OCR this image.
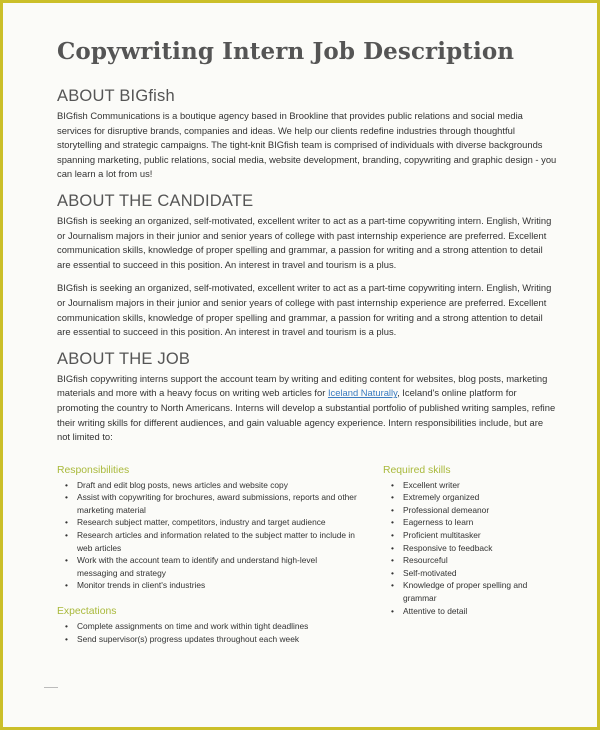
Copywriting Intern Job Description
ABOUT BIGfish

BIGfish Communications is a boutique agency based in Brookline that provides public relations and social media services for disruptive brands, companies and ideas. We help our clients redefine industries through thoughtful storytelling and strategic campaigns. The tight-knit BIGfish team is comprised of individuals with diverse backgrounds spanning marketing, public relations, social media, website development, branding, copywriting and graphic design - you can learn a lot from us!

ABOUT THE CANDIDATE

BIGfish is seeking an organized, self-motivated, excellent writer to act as a part-time copywriting intern. English, Writing or Journalism majors in their junior and senior years of college with past internship experience are preferred. Excellent communication skills, knowledge of proper spelling and grammar, a passion for writing and a strong attention to detail are essential to succeed in this position. An interest in travel and tourism is a plus.

BIGfish is seeking an organized, self-motivated, excellent writer to act as a part-time copywriting intern. English, Writing or Journalism majors in their junior and senior years of college with past internship experience are preferred. Excellent communication skills, knowledge of proper spelling and grammar, a passion for writing and a strong attention to detail are essential to succeed in this position. An interest in travel and tourism is a plus.

ABOUT THE JOB

BIGfish copywriting interns support the account team by writing and editing content for websites, blog posts, marketing materials and more with a heavy focus on writing web articles for Iceland Naturally, Iceland's online platform for promoting the country to North Americans. Interns will develop a substantial portfolio of published writing samples, refine their writing skills for different audiences, and gain valuable agency experience. Intern responsibilities include, but are not limited to:

Responsibilities
• Draft and edit blog posts, news articles and website copy
• Assist with copywriting for brochures, award submissions, reports and other marketing material
• Research subject matter, competitors, industry and target audience
• Research articles and information related to the subject matter to include in web articles
• Work with the account team to identify and understand high-level messaging and strategy
• Monitor trends in client's industries
Expectations
• Complete assignments on time and work within tight deadlines
• Send supervisor(s) progress updates throughout each week
Required skills
• Excellent writer
• Extremely organized
• Professional demeanor
• Eagerness to learn
• Proficient multitasker
• Responsive to feedback
• Resourceful
• Self-motivated
• Knowledge of proper spelling and grammar
• Attentive to detail
